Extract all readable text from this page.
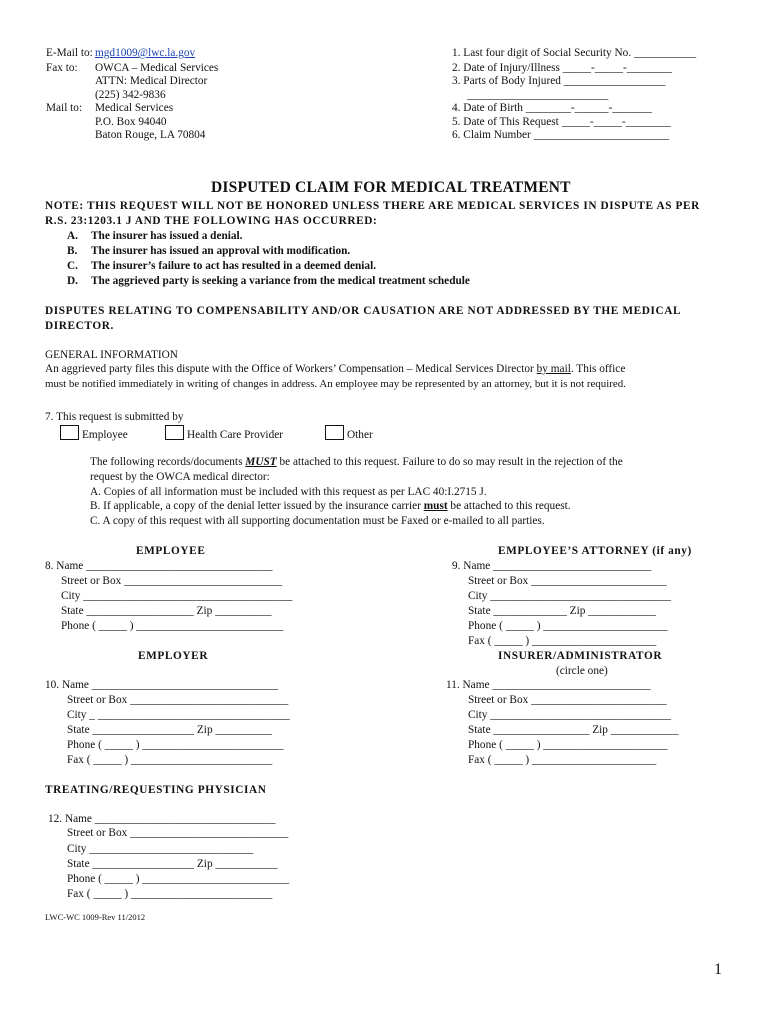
E-Mail to: mgd1009@lwc.la.gov
Fax to: OWCA – Medical Services
ATTN: Medical Director
(225) 342-9836
Mail to: Medical Services
P.O. Box 94040
Baton Rouge, LA 70804
1. Last four digit of Social Security No. ___________
2. Date of Injury/Illness _____-_____-________
3. Parts of Body Injured __________________
_________________________
4. Date of Birth ________-______-_______
5. Date of This Request _____-_____-________
6. Claim Number ________________________
DISPUTED CLAIM FOR MEDICAL TREATMENT
NOTE: THIS REQUEST WILL NOT BE HONORED UNLESS THERE ARE MEDICAL SERVICES IN DISPUTE AS PER
R.S. 23:1203.1 J AND THE FOLLOWING HAS OCCURRED:
A. The insurer has issued a denial.
B. The insurer has issued an approval with modification.
C. The insurer’s failure to act has resulted in a deemed denial.
D. The aggrieved party is seeking a variance from the medical treatment schedule
DISPUTES RELATING TO COMPENSABILITY AND/OR CAUSATION ARE NOT ADDRESSED BY THE MEDICAL
DIRECTOR.
GENERAL INFORMATION
An aggrieved party files this dispute with the Office of Workers’ Compensation – Medical Services Director by mail. This office
must be notified immediately in writing of changes in address. An employee may be represented by an attorney, but it is not required.
7. This request is submitted by
Employee	Health Care Provider	Other
The following records/documents MUST be attached to this request. Failure to do so may result in the rejection of the
request by the OWCA medical director:
A. Copies of all information must be included with this request as per LAC 40:I.2715 J.
B. If applicable, a copy of the denial letter issued by the insurance carrier must be attached to this request.
C. A copy of this request with all supporting documentation must be Faxed or e-mailed to all parties.
EMPLOYEE
8. Name _________________________________
Street or Box ____________________________
City _____________________________________
State ___________________ Zip __________
Phone ( _____ ) __________________________
EMPLOYEE’S ATTORNEY (if any)
9. Name ____________________________
Street or Box ________________________
City ________________________________
State _____________ Zip ____________
Phone ( _____ ) ______________________
Fax ( _____ ) ______________________
EMPLOYER
10. Name _________________________________
Street or Box ____________________________
City _ __________________________________
State __________________ Zip __________
Phone ( _____ ) _________________________
Fax ( _____ ) _________________________
INSURER/ADMINISTRATOR
(circle one)
11. Name ____________________________
Street or Box ________________________
City ________________________________
State _________________ Zip ____________
Phone ( _____ ) ______________________
Fax ( _____ ) ______________________
TREATING/REQUESTING PHYSICIAN
12. Name ________________________________
Street or Box ____________________________
City _____________________________
State __________________ Zip ___________
Phone ( _____ ) __________________________
Fax ( _____ ) _________________________
LWC-WC 1009-Rev 11/2012
1
